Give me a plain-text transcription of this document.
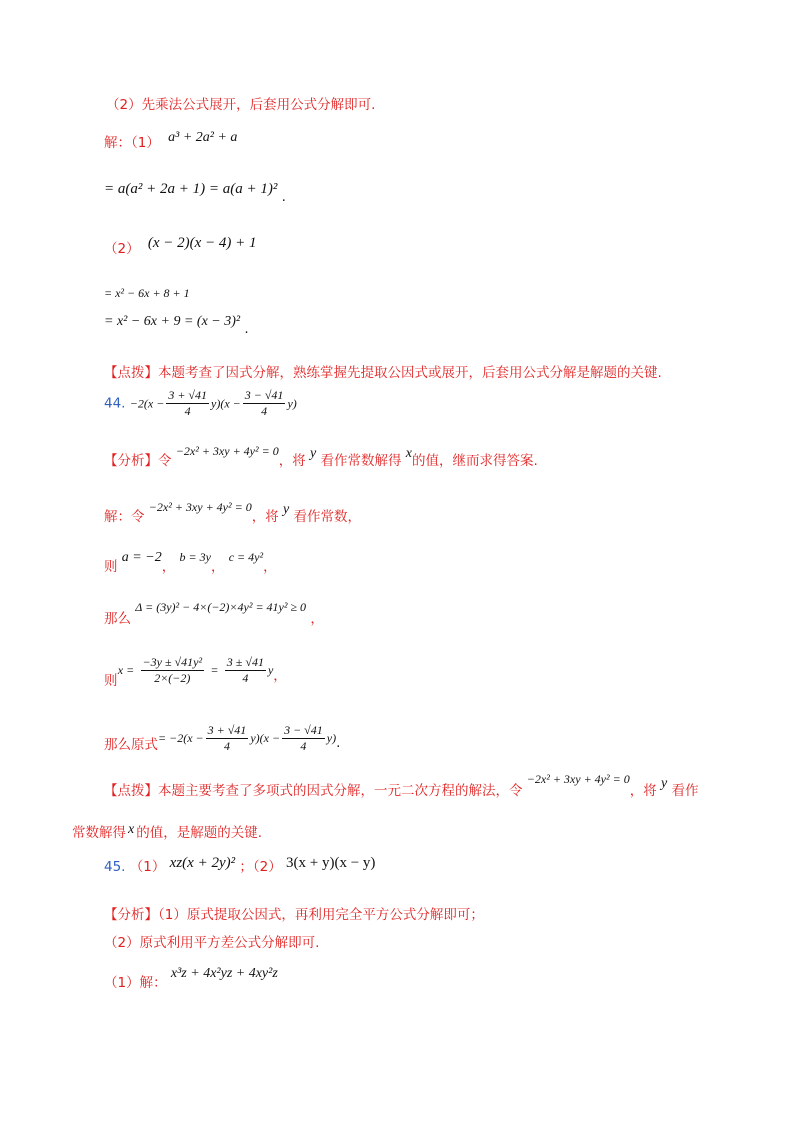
（2）先乘法公式展开，后套用公式分解即可.
解：（1） a³ + 2a² + a
= a(a² + 2a + 1) = a(a + 1)² .
（2） (x − 2)(x − 4) + 1
= x² − 6x + 8 + 1
= x² − 6x + 9 = (x − 3)² .
【点拨】本题考查了因式分解，熟练掌握先提取公因式或展开，后套用公式分解是解题的关键.
44. $-2(x - \frac{3 + √41}{4} y)(x - \frac{3 - √41}{4} y)$
【分析】令 −2x² + 3xy + 4y² = 0，将 y 看作常数解得 x的值，继而求得答案.
解：令 −2x² + 3xy + 4y² = 0，将 y 看作常数，
则 a = −2， b = 3y， c = 4y²，
那么 Δ = (3y)² − 4×(−2)×4y² = 41y² ≥ 0 ，
则 $x = \frac{\text{−3y ± √41y²}}{2\times(-2)} = \frac{3 \pm √41}{4}$ y，
那么原式= $-2(x - \frac{3 + √41}{4} y)(x - \frac{3 - √41}{4} y)$.
【点拨】本题主要考查了多项式的因式分解，一元二次方程的解法，令 −2x² + 3xy + 4y² = 0，将 y 看作
常数解得 x 的值，是解题的关键.
45. （1） xz(x + 2y)² ；（2） 3(x + y)(x − y)
【分析】（1）原式提取公因式，再利用完全平方公式分解即可；
（2）原式利用平方差公式分解即可.
（1）解： x³z + 4x²yz + 4xy²z
